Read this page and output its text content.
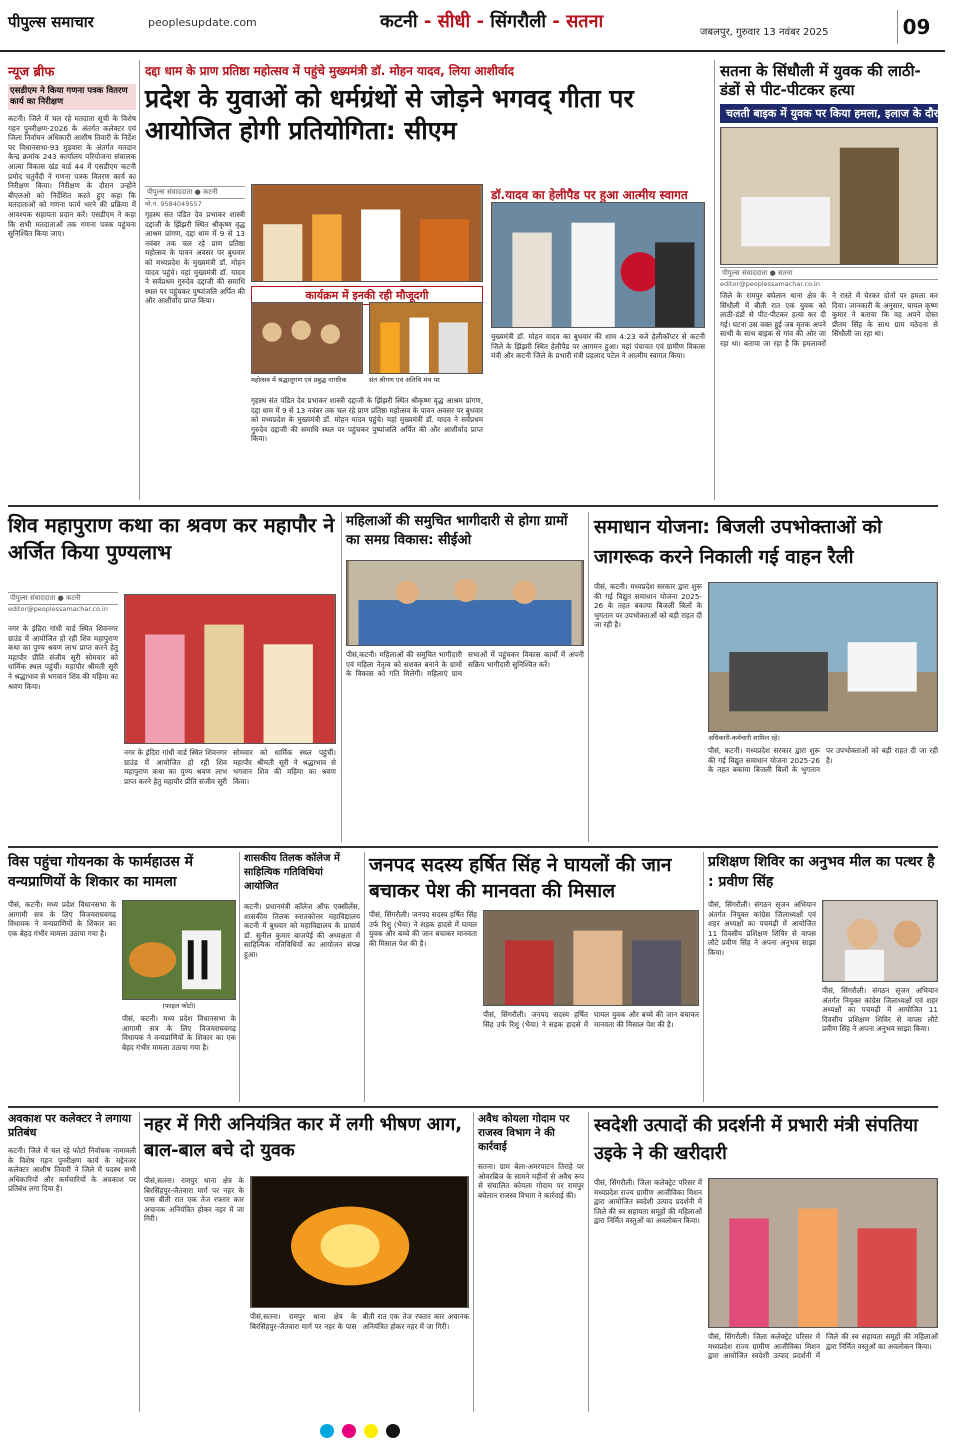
पीपुल्स समाचार	peoplesupdate.com	कटनी - सीधी - सिंगरौली - सतना
जबलपुर, गुरुवार 13 नवंबर 2025	09
न्यूज ब्रीफ
एसडीएम ने किया गणना पत्रक वितरण कार्य का निरीक्षण
कटनी। जिले में चल रहे मतदाता सूची के विशेष गहन पुनरीक्षण-2026 के अंतर्गत कलेक्टर एवं जिला निर्वाचन अधिकारी आशीष तिवारी के निर्देश पर विधानसभा-93 मुड़वारा के अंतर्गत मतदान केन्द्र क्रमांक 243 कार्यालय परियोजना संचालक आत्मा विकास खंड वार्ड 44 में एसडीएम कटनी प्रमोद चतुर्वेदी ने गणना पत्रक वितरण कार्य का निरीक्षण किया। निरीक्षण के दौरान उन्होंने बीएलओ को निर्देशित करते हुए कहा कि मतदाताओं को गणना फार्म भरने की प्रक्रिया में आवश्यक सहायता प्रदान करें। एसडीएम ने कहा कि सभी मतदाताओं तक गणना पत्रक पहुंचना सुनिश्चित किया जाए।
दद्दा धाम के प्राण प्रतिष्ठा महोत्सव में पहुंचे मुख्यमंत्री डॉ. मोहन यादव, लिया आशीर्वाद
प्रदेश के युवाओं को धर्मग्रंथों से जोड़ने भगवद् गीता पर आयोजित होगी प्रतियोगिता: सीएम
पीपुल्स संवाददाता ● कटनी
मो.नं. 9584049557
डॉ.यादव का हेलीपैड पर हुआ आत्मीय स्वागत
कार्यक्रम में इनकी रही मौजूदगी
महोत्सव में श्रद्धालुगण एवं प्रबुद्ध नागरिक	संत श्रीगण एवं अतिथि मंच पर
गृहस्थ संत पंडित देव प्रभाकर शास्त्री दद्दाजी के झिंझरी स्थित श्रीकृष्ण वृद्ध आश्रम प्रांगण, दद्दा धाम में 9 से 13 नवंबर तक चल रहे प्राण प्रतिष्ठा महोत्सव के पावन अवसर पर बुधवार को मध्यप्रदेश के मुख्यमंत्री डॉ. मोहन यादव पहुंचे। यहां मुख्यमंत्री डॉ. यादव ने सर्वप्रथम गुरुदेव दद्दाजी की समाधि स्थल पर पहुंचकर पुष्पांजलि अर्पित की और आशीर्वाद प्राप्त किया।
गृहस्थ संत पंडित देव प्रभाकर शास्त्री दद्दाजी के झिंझरी स्थित श्रीकृष्ण वृद्ध आश्रम प्रांगण, दद्दा धाम में 9 से 13 नवंबर तक चल रहे प्राण प्रतिष्ठा महोत्सव के पावन अवसर पर बुधवार को मध्यप्रदेश के मुख्यमंत्री डॉ. मोहन यादव पहुंचे। यहां मुख्यमंत्री डॉ. यादव ने सर्वप्रथम गुरुदेव दद्दाजी की समाधि स्थल पर पहुंचकर पुष्पांजलि अर्पित की और आशीर्वाद प्राप्त किया।
मुख्यमंत्री डॉ. मोहन यादव का बुधवार की शाम 4:23 बजे हेलीकॉप्टर से कटनी जिले के झिंझरी स्थित हेलीपैड पर आगमन हुआ। यहां पंचायत एवं ग्रामीण विकास मंत्री और कटनी जिले के प्रभारी मंत्री प्रहलाद पटेल ने आत्मीय स्वागत किया।
सतना के सिंधौली में युवक की लाठी-डंडों से पीट-पीटकर हत्या
चलती बाइक में युवक पर किया हमला, इलाज के दौरान मौत
पीपुल्स संवाददाता ● सतना
editor@peoplessamachar.co.in
जिले के रामपुर बघेलान थाना क्षेत्र के सिंधौली में बीती रात एक युवक को लाठी-डंडों से पीट-पीटकर हत्या कर दी गई। घटना उस वक्त हुई जब मृतक अपने साथी के साथ बाइक से गांव की ओर जा रहा था। बताया जा रहा है कि हमलावरों ने रास्ते में घेरकर दोनों पर हमला कर दिया। जानकारी के अनुसार, घायल कृष्ण कुमार ने बताया कि वह अपने दोस्त प्रीतम सिंह के साथ ग्राम मठेदना से सिंधौली जा रहा था।
शिव महापुराण कथा का श्रवण कर महापौर ने अर्जित किया पुण्यलाभ
पीपुल्स संवाददाता ● कटनी
editor@peoplessamachar.co.in
नगर के इंदिरा गांधी वार्ड स्थित शिवनगर ग्राउंड में आयोजित हो रही शिव महापुराण कथा का पुण्य श्रवण लाभ प्राप्त करने हेतु महापौर प्रीति संजीव सूरी सोमवार को धार्मिक स्थल पहुंचीं। महापौर श्रीमती सूरी ने श्रद्धाभाव से भगवान शिव की महिमा का श्रवण किया।
नगर के इंदिरा गांधी वार्ड स्थित शिवनगर ग्राउंड में आयोजित हो रही शिव महापुराण कथा का पुण्य श्रवण लाभ प्राप्त करने हेतु महापौर प्रीति संजीव सूरी सोमवार को धार्मिक स्थल पहुंचीं। महापौर श्रीमती सूरी ने श्रद्धाभाव से भगवान शिव की महिमा का श्रवण किया।
महिलाओं की समुचित भागीदारी से होगा ग्रामों का समग्र विकास: सीईओ
पीसं,कटनी। महिलाओं की समुचित भागीदारी एवं महिला नेतृत्व को सशक्त बनाने के ग्रामों के विकास को गति मिलेगी। महिलाएं ग्राम सभाओं में पहुंचकर विकास कार्यों में अपनी सक्रिय भागीदारी सुनिश्चित करें।
समाधान योजना: बिजली उपभोक्ताओं को जागरूक करने निकाली गई वाहन रैली
पीसं, कटनी। मध्यप्रदेश सरकार द्वारा शुरू की गई विद्युत समाधान योजना 2025-26 के तहत बकाया बिजली बिलों के भुगतान पर उपभोक्ताओं को बड़ी राहत दी जा रही है।
अधिकारी-कर्मचारी शामिल रहे।
पीसं, कटनी। मध्यप्रदेश सरकार द्वारा शुरू की गई विद्युत समाधान योजना 2025-26 के तहत बकाया बिजली बिलों के भुगतान पर उपभोक्ताओं को बड़ी राहत दी जा रही है।
विस पहुंचा गोयनका के फार्महाउस में वन्यप्राणियों के शिकार का मामला
पीसं, कटनी। मध्य प्रदेश विधानसभा के आगामी सत्र के लिए विजयराघवगढ़ विधायक ने वन्यप्राणियों के शिकार का एक बेहद गंभीर मामला उठाया गया है।
(फाइल फोटो)
पीसं, कटनी। मध्य प्रदेश विधानसभा के आगामी सत्र के लिए विजयराघवगढ़ विधायक ने वन्यप्राणियों के शिकार का एक बेहद गंभीर मामला उठाया गया है।
शासकीय तिलक कॉलेज में साहित्यिक गतिविधियां आयोजित
कटनी। प्रधानमंत्री कॉलेज ऑफ एक्सीलेंस, शासकीय तिलक स्नातकोत्तर महाविद्यालय कटनी में बुधवार को महाविद्यालय के प्राचार्य डॉ. सुनील कुमार बाजपेई की अध्यक्षता में साहित्यिक गतिविधियों का आयोजन संपन्न हुआ।
जनपद सदस्य हर्षित सिंह ने घायलों की जान बचाकर पेश की मानवता की मिसाल
पीसं, सिंगरौली। जनपद सदस्य हर्षित सिंह उर्फ रिशु (भैया) ने सड़क हादसे में घायल युवक और बच्चे की जान बचाकर मानवता की मिसाल पेश की है।
पीसं, सिंगरौली। जनपद सदस्य हर्षित सिंह उर्फ रिशु (भैया) ने सड़क हादसे में घायल युवक और बच्चे की जान बचाकर मानवता की मिसाल पेश की है।
प्रशिक्षण शिविर का अनुभव मील का पत्थर है : प्रवीण सिंह
पीसं, सिंगरौली। संगठन सृजन अभियान अंतर्गत नियुक्त कांग्रेस जिलाध्यक्षों एवं शहर अध्यक्षों का पचमढ़ी में आयोजित 11 दिवसीय प्रशिक्षण शिविर से वापस लौटे प्रवीण सिंह ने अपना अनुभव साझा किया।
पीसं, सिंगरौली। संगठन सृजन अभियान अंतर्गत नियुक्त कांग्रेस जिलाध्यक्षों एवं शहर अध्यक्षों का पचमढ़ी में आयोजित 11 दिवसीय प्रशिक्षण शिविर से वापस लौटे प्रवीण सिंह ने अपना अनुभव साझा किया।
अवकाश पर कलेक्टर ने लगाया प्रतिबंध
कटनी। जिले में चल रहे फोटो निर्वाचक नामावली के विशेष गहन पुनरीक्षण कार्य के मद्देनजर कलेक्टर आशीष तिवारी ने जिले में पदस्थ सभी अधिकारियों और कर्मचारियों के अवकाश पर प्रतिबंध लगा दिया है।
नहर में गिरी अनियंत्रित कार में लगी भीषण आग, बाल-बाल बचे दो युवक
पीसं,सतना। रामपुर थाना क्षेत्र के बिरसिंहपुर-जैतवारा मार्ग पर नहर के पास बीती रात एक तेज रफ्तार कार अचानक अनियंत्रित होकर नहर में जा गिरी।
पीसं,सतना। रामपुर थाना क्षेत्र के बिरसिंहपुर-जैतवारा मार्ग पर नहर के पास बीती रात एक तेज रफ्तार कार अचानक अनियंत्रित होकर नहर में जा गिरी।
अवैध कोयला गोदाम पर राजस्व विभाग ने की कार्रवाई
सतना। ग्राम बेला-अमरपाटन तिराहे पर ओवरब्रिज के सामने महीनों से अवैध रूप से संचालित कोयला गोदाम पर रामपुर बघेलान राजस्व विभाग ने कार्रवाई की।
स्वदेशी उत्पादों की प्रदर्शनी में प्रभारी मंत्री संपतिया उइके ने की खरीदारी
पीसं, सिंगरौली। जिला कलेक्ट्रेट परिसर में मध्यप्रदेश राज्य ग्रामीण आजीविका मिशन द्वारा आयोजित स्वदेशी उत्पाद प्रदर्शनी में जिले की स्व सहायता समूहों की महिलाओं द्वारा निर्मित वस्तुओं का अवलोकन किया।
पीसं, सिंगरौली। जिला कलेक्ट्रेट परिसर में मध्यप्रदेश राज्य ग्रामीण आजीविका मिशन द्वारा आयोजित स्वदेशी उत्पाद प्रदर्शनी में जिले की स्व सहायता समूहों की महिलाओं द्वारा निर्मित वस्तुओं का अवलोकन किया।
